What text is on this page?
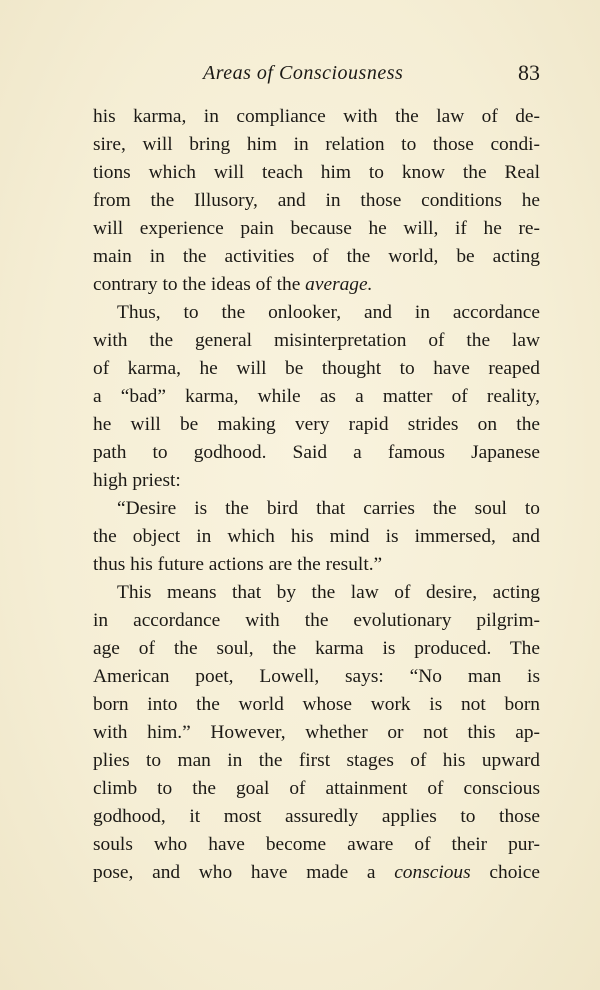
Areas of Consciousness	83
his karma, in compliance with the law of de-
sire, will bring him in relation to those condi-
tions which will teach him to know the Real
from the Illusory, and in those conditions he
will experience pain because he will, if he re-
main in the activities of the world, be acting
contrary to the ideas of the average.
Thus, to the onlooker, and in accordance
with the general misinterpretation of the law
of karma, he will be thought to have reaped
a “bad” karma, while as a matter of reality,
he will be making very rapid strides on the
path to godhood. Said a famous Japanese
high priest:
“Desire is the bird that carries the soul to
the object in which his mind is immersed, and
thus his future actions are the result.”
This means that by the law of desire, acting
in accordance with the evolutionary pilgrim-
age of the soul, the karma is produced. The
American poet, Lowell, says: “No man is
born into the world whose work is not born
with him.” However, whether or not this ap-
plies to man in the first stages of his upward
climb to the goal of attainment of conscious
godhood, it most assuredly applies to those
souls who have become aware of their pur-
pose, and who have made a conscious choice
